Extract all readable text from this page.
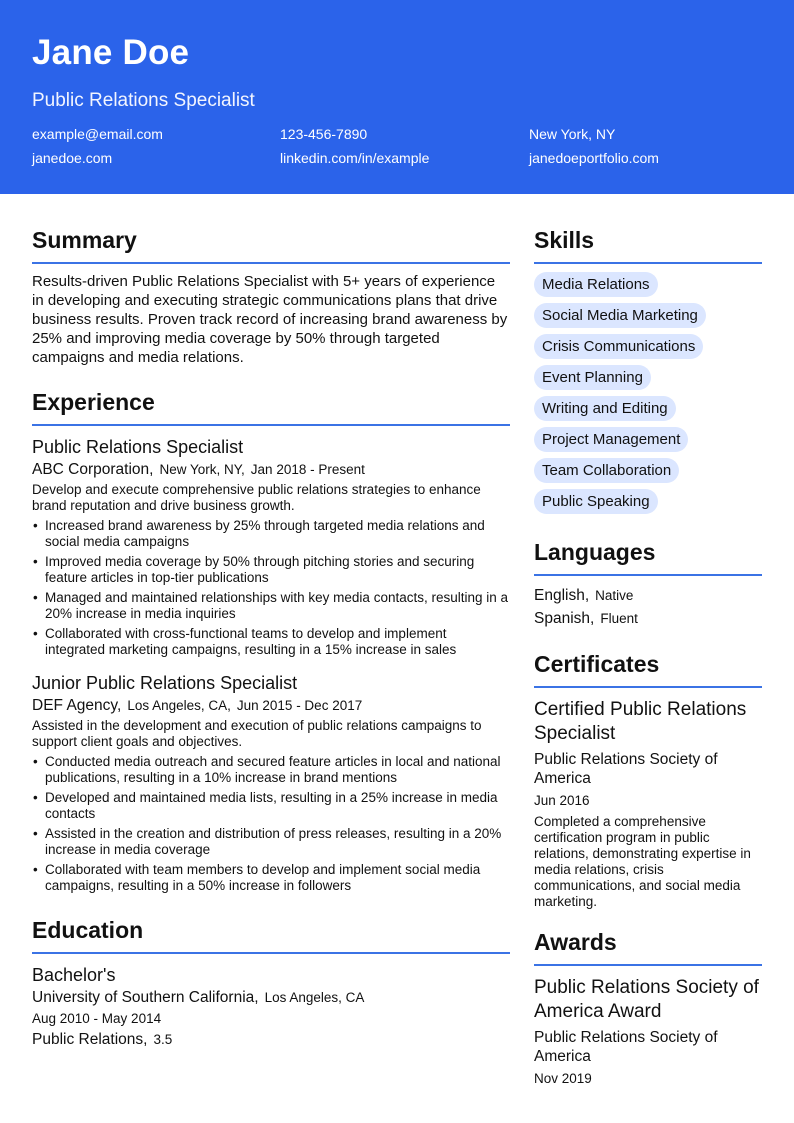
Jane Doe
Public Relations Specialist
example@email.com	123-456-7890	New York, NY
janedoe.com	linkedin.com/in/example	janedoeportfolio.com
Summary
Results-driven Public Relations Specialist with 5+ years of experience in developing and executing strategic communications plans that drive business results. Proven track record of increasing brand awareness by 25% and improving media coverage by 50% through targeted campaigns and media relations.
Experience
Public Relations Specialist
ABC Corporation, New York, NY, Jan 2018 - Present
Develop and execute comprehensive public relations strategies to enhance brand reputation and drive business growth.
• Increased brand awareness by 25% through targeted media relations and social media campaigns
• Improved media coverage by 50% through pitching stories and securing feature articles in top-tier publications
• Managed and maintained relationships with key media contacts, resulting in a 20% increase in media inquiries
• Collaborated with cross-functional teams to develop and implement integrated marketing campaigns, resulting in a 15% increase in sales
Junior Public Relations Specialist
DEF Agency, Los Angeles, CA, Jun 2015 - Dec 2017
Assisted in the development and execution of public relations campaigns to support client goals and objectives.
• Conducted media outreach and secured feature articles in local and national publications, resulting in a 10% increase in brand mentions
• Developed and maintained media lists, resulting in a 25% increase in media contacts
• Assisted in the creation and distribution of press releases, resulting in a 20% increase in media coverage
• Collaborated with team members to develop and implement social media campaigns, resulting in a 50% increase in followers
Education
Bachelor's
University of Southern California, Los Angeles, CA
Aug 2010 - May 2014
Public Relations, 3.5
Skills
Media Relations
Social Media Marketing
Crisis Communications
Event Planning
Writing and Editing
Project Management
Team Collaboration
Public Speaking
Languages
English, Native
Spanish, Fluent
Certificates
Certified Public Relations Specialist
Public Relations Society of America
Jun 2016
Completed a comprehensive certification program in public relations, demonstrating expertise in media relations, crisis communications, and social media marketing.
Awards
Public Relations Society of America Award
Public Relations Society of America
Nov 2019
